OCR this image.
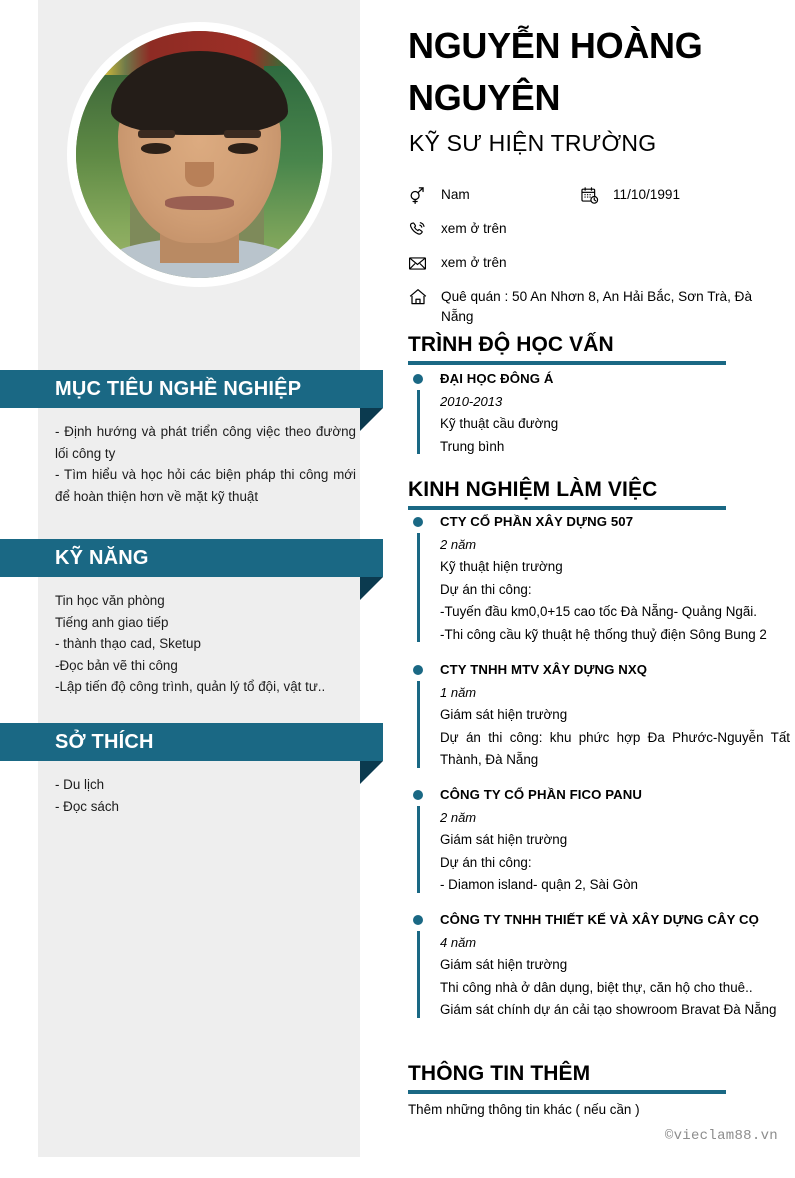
MỤC TIÊU NGHỀ NGHIỆP

- Định hướng và phát triển công việc theo đường lối công ty

- Tìm hiểu và học hỏi các biện pháp thi công mới để hoàn thiện hơn về mặt kỹ thuật

KỸ NĂNG

Tin học văn phòng

Tiếng anh giao tiếp

- thành thạo cad, Sketup

-Đọc bản vẽ thi công

-Lập tiến độ công trình, quản lý tổ đội, vật tư..

SỞ THÍCH

- Du lịch

- Đọc sách

NGUYỄN HOÀNG NGUYÊN
KỸ SƯ HIỆN TRƯỜNG
Nam	11/10/1991
xem ở trên
xem ở trên
Quê quán : 50 An Nhơn 8, An Hải Bắc, Sơn Trà, Đà Nẵng
TRÌNH ĐỘ HỌC VẤN
ĐẠI HỌC ĐÔNG Á
2010-2013
Kỹ thuật cầu đường
Trung bình
KINH NGHIỆM LÀM VIỆC
CTY CỔ PHẦN XÂY DỰNG 507
2 năm
Kỹ thuật hiện trường
Dự án thi công:
-Tuyến đầu km0,0+15 cao tốc Đà Nẵng- Quảng Ngãi.
-Thi công cầu kỹ thuật hệ thống thuỷ điện Sông Bung 2
CTY TNHH MTV XÂY DỰNG NXQ
1 năm
Giám sát hiện trường
Dự án thi công: khu phức hợp Đa Phước-Nguyễn Tất Thành, Đà Nẵng
CÔNG TY CỔ PHẦN FICO PANU
2 năm
Giám sát hiện trường
Dự án thi công:
- Diamon island- quận 2, Sài Gòn
CÔNG TY TNHH THIẾT KẾ VÀ XÂY DỰNG CÂY CỌ
4 năm
Giám sát hiện trường
Thi công nhà ở dân dụng, biệt thự, căn hộ cho thuê..
Giám sát chính dự án cải tạo showroom Bravat Đà Nẵng
THÔNG TIN THÊM
Thêm những thông tin khác ( nếu cần )
©vieclam88.vn
